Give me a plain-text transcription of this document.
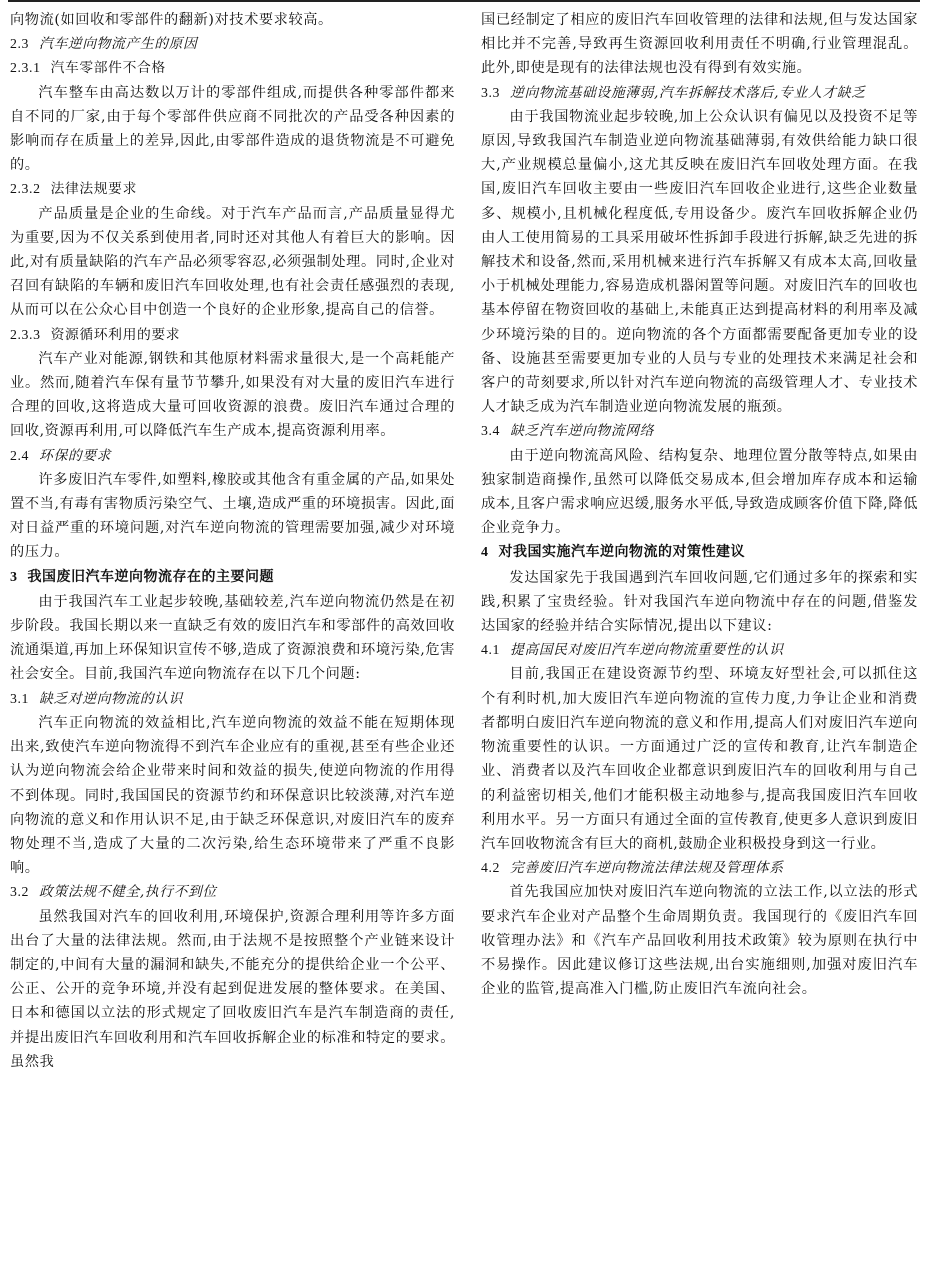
向物流(如回收和零部件的翻新)对技术要求较高。

2.3 汽车逆向物流产生的原因
2.3.1 汽车零部件不合格

汽车整车由高达数以万计的零部件组成,而提供各种零部件都来自不同的厂家,由于每个零部件供应商不同批次的产品受各种因素的影响而存在质量上的差异,因此,由零部件造成的退货物流是不可避免的。

2.3.2 法律法规要求

产品质量是企业的生命线。对于汽车产品而言,产品质量显得尤为重要,因为不仅关系到使用者,同时还对其他人有着巨大的影响。因此,对有质量缺陷的汽车产品必须零容忍,必须强制处理。同时,企业对召回有缺陷的车辆和废旧汽车回收处理,也有社会责任感强烈的表现,从而可以在公众心目中创造一个良好的企业形象,提高自己的信誉。

2.3.3 资源循环利用的要求

汽车产业对能源,钢铁和其他原材料需求量很大,是一个高耗能产业。然而,随着汽车保有量节节攀升,如果没有对大量的废旧汽车进行合理的回收,这将造成大量可回收资源的浪费。废旧汽车通过合理的回收,资源再利用,可以降低汽车生产成本,提高资源利用率。

2.4 环保的要求

许多废旧汽车零件,如塑料,橡胶或其他含有重金属的产品,如果处置不当,有毒有害物质污染空气、土壤,造成严重的环境损害。因此,面对日益严重的环境问题,对汽车逆向物流的管理需要加强,减少对环境的压力。

3 我国废旧汽车逆向物流存在的主要问题

由于我国汽车工业起步较晚,基础较差,汽车逆向物流仍然是在初步阶段。我国长期以来一直缺乏有效的废旧汽车和零部件的高效回收流通渠道,再加上环保知识宣传不够,造成了资源浪费和环境污染,危害社会安全。目前,我国汽车逆向物流存在以下几个问题:

3.1 缺乏对逆向物流的认识

汽车正向物流的效益相比,汽车逆向物流的效益不能在短期体现出来,致使汽车逆向物流得不到汽车企业应有的重视,甚至有些企业还认为逆向物流会给企业带来时间和效益的损失,使逆向物流的作用得不到体现。同时,我国国民的资源节约和环保意识比较淡薄,对汽车逆向物流的意义和作用认识不足,由于缺乏环保意识,对废旧汽车的废弃物处理不当,造成了大量的二次污染,给生态环境带来了严重不良影响。

3.2 政策法规不健全,执行不到位

虽然我国对汽车的回收利用,环境保护,资源合理利用等许多方面出台了大量的法律法规。然而,由于法规不是按照整个产业链来设计制定的,中间有大量的漏洞和缺失,不能充分的提供给企业一个公平、公正、公开的竞争环境,并没有起到促进发展的整体要求。在美国、日本和德国以立法的形式规定了回收废旧汽车是汽车制造商的责任,并提出废旧汽车回收利用和汽车回收拆解企业的标准和特定的要求。虽然我

国已经制定了相应的废旧汽车回收管理的法律和法规,但与发达国家相比并不完善,导致再生资源回收利用责任不明确,行业管理混乱。此外,即使是现有的法律法规也没有得到有效实施。

3.3 逆向物流基础设施薄弱,汽车拆解技术落后,专业人才缺乏

由于我国物流业起步较晚,加上公众认识有偏见以及投资不足等原因,导致我国汽车制造业逆向物流基础薄弱,有效供给能力缺口很大,产业规模总量偏小,这尤其反映在废旧汽车回收处理方面。在我国,废旧汽车回收主要由一些废旧汽车回收企业进行,这些企业数量多、规模小,且机械化程度低,专用设备少。废汽车回收拆解企业仍由人工使用简易的工具采用破坏性拆卸手段进行拆解,缺乏先进的拆解技术和设备,然而,采用机械来进行汽车拆解又有成本太高,回收量小于机械处理能力,容易造成机器闲置等问题。对废旧汽车的回收也基本停留在物资回收的基础上,未能真正达到提高材料的利用率及减少环境污染的目的。逆向物流的各个方面都需要配备更加专业的设备、设施甚至需要更加专业的人员与专业的处理技术来满足社会和客户的苛刻要求,所以针对汽车逆向物流的高级管理人才、专业技术人才缺乏成为汽车制造业逆向物流发展的瓶颈。

3.4 缺乏汽车逆向物流网络

由于逆向物流高风险、结构复杂、地理位置分散等特点,如果由独家制造商操作,虽然可以降低交易成本,但会增加库存成本和运输成本,且客户需求响应迟缓,服务水平低,导致造成顾客价值下降,降低企业竞争力。

4 对我国实施汽车逆向物流的对策性建议

发达国家先于我国遇到汽车回收问题,它们通过多年的探索和实践,积累了宝贵经验。针对我国汽车逆向物流中存在的问题,借鉴发达国家的经验并结合实际情况,提出以下建议:

4.1 提高国民对废旧汽车逆向物流重要性的认识

目前,我国正在建设资源节约型、环境友好型社会,可以抓住这个有利时机,加大废旧汽车逆向物流的宣传力度,力争让企业和消费者都明白废旧汽车逆向物流的意义和作用,提高人们对废旧汽车逆向物流重要性的认识。一方面通过广泛的宣传和教育,让汽车制造企业、消费者以及汽车回收企业都意识到废旧汽车的回收利用与自己的利益密切相关,他们才能积极主动地参与,提高我国废旧汽车回收利用水平。另一方面只有通过全面的宣传教育,使更多人意识到废旧汽车回收物流含有巨大的商机,鼓励企业积极投身到这一行业。

4.2 完善废旧汽车逆向物流法律法规及管理体系

首先我国应加快对废旧汽车逆向物流的立法工作,以立法的形式要求汽车企业对产品整个生命周期负责。我国现行的《废旧汽车回收管理办法》和《汽车产品回收利用技术政策》较为原则在执行中不易操作。因此建议修订这些法规,出台实施细则,加强对废旧汽车企业的监管,提高准入门槛,防止废旧汽车流向社会。
